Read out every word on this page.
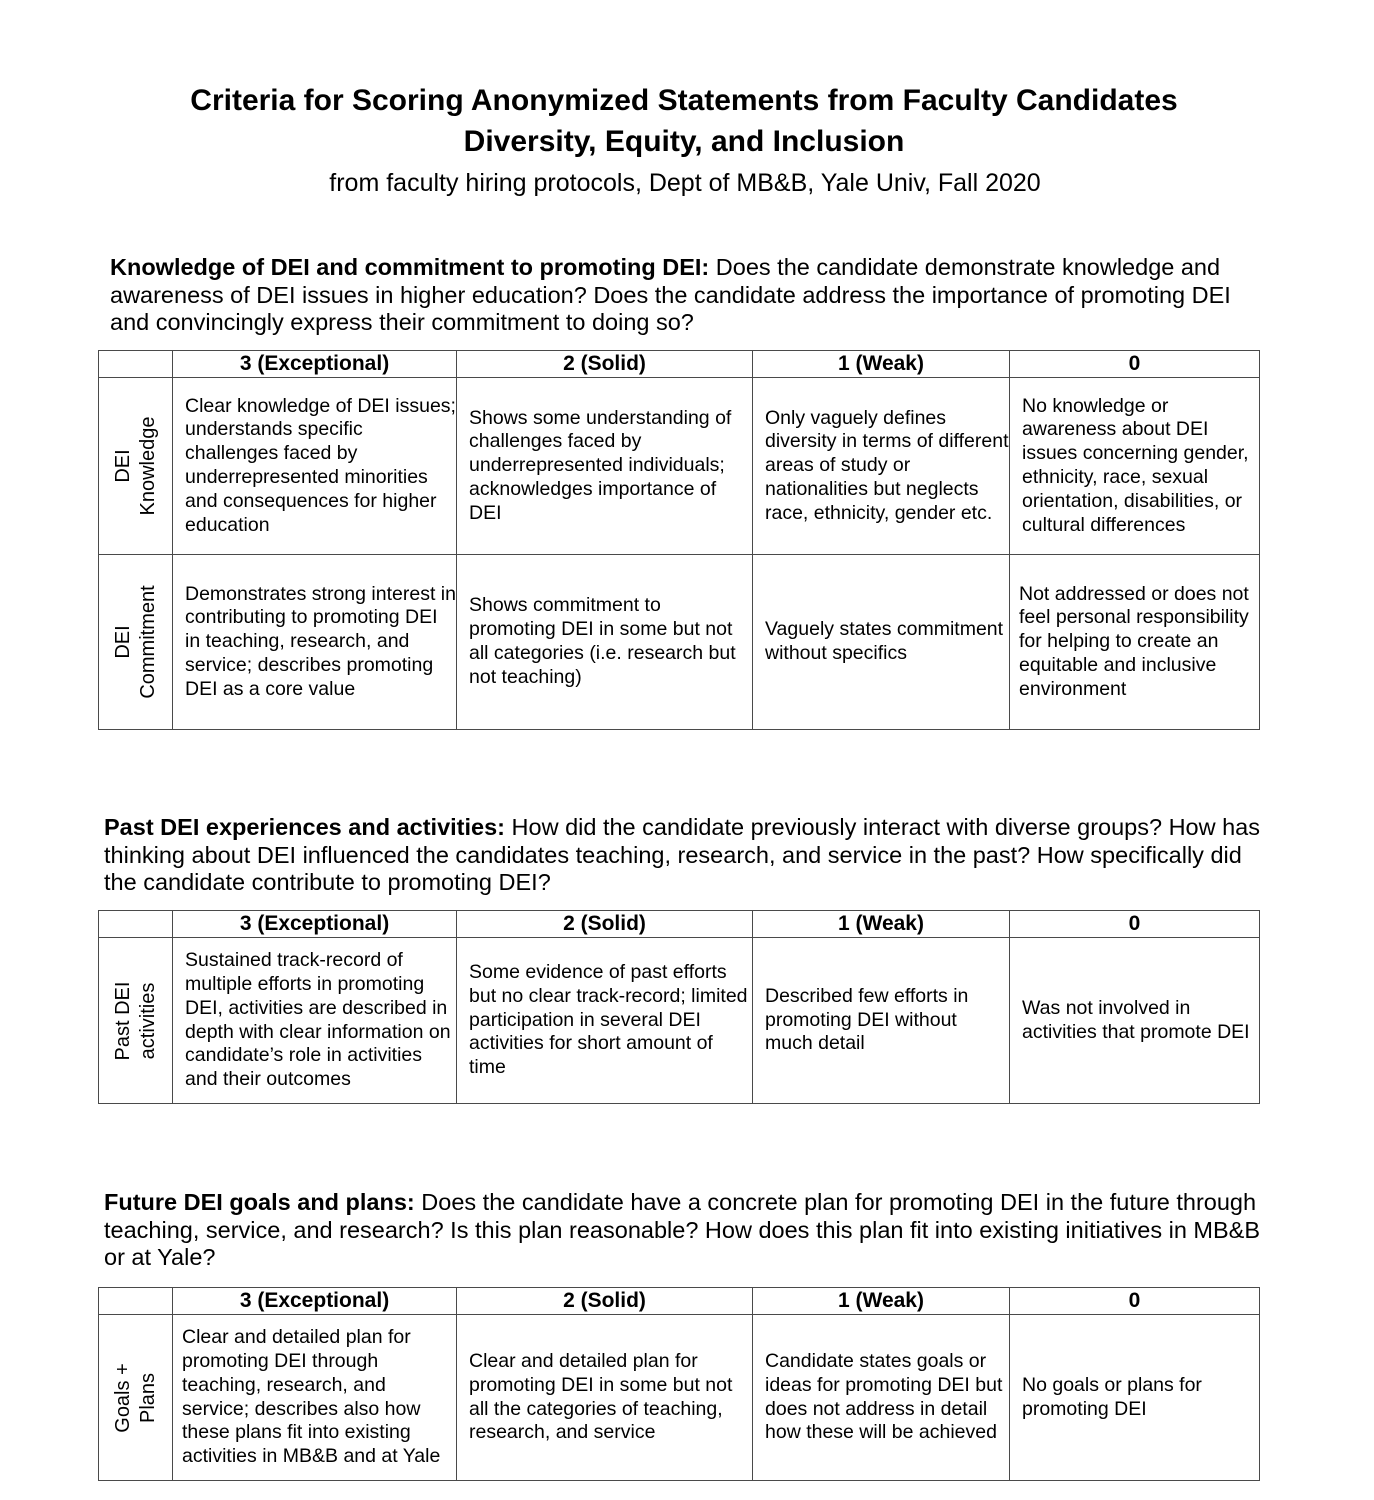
Criteria for Scoring Anonymized Statements from Faculty Candidates
Diversity, Equity, and Inclusion
from faculty hiring protocols, Dept of MB&B, Yale Univ, Fall 2020
Knowledge of DEI and commitment to promoting DEI: Does the candidate demonstrate knowledge and awareness of DEI issues in higher education? Does the candidate address the importance of promoting DEI and convincingly express their commitment to doing so?
	3 (Exceptional)	2 (Solid)	1 (Weak)	0

DEI Knowledge	Clear knowledge of DEI issues; understands specific challenges faced by underrepresented minorities and consequences for higher education	Shows some understanding of challenges faced by underrepresented individuals; acknowledges importance of DEI	Only vaguely defines diversity in terms of different areas of study or nationalities but neglects race, ethnicity, gender etc.	No knowledge or awareness about DEI issues concerning gender, ethnicity, race, sexual orientation, disabilities, or cultural differences

DEI Commitment	Demonstrates strong interest in contributing to promoting DEI in teaching, research, and service; describes promoting DEI as a core value	Shows commitment to promoting DEI in some but not all categories (i.e. research but not teaching)	Vaguely states commitment without specifics	Not addressed or does not feel personal responsibility for helping to create an equitable and inclusive environment
Past DEI experiences and activities: How did the candidate previously interact with diverse groups? How has thinking about DEI influenced the candidates teaching, research, and service in the past? How specifically did the candidate contribute to promoting DEI?
	3 (Exceptional)	2 (Solid)	1 (Weak)	0

Past DEI activities	Sustained track-record of multiple efforts in promoting DEI, activities are described in depth with clear information on candidate’s role in activities and their outcomes	Some evidence of past efforts but no clear track-record; limited participation in several DEI activities for short amount of time	Described few efforts in promoting DEI without much detail	Was not involved in activities that promote DEI
Future DEI goals and plans: Does the candidate have a concrete plan for promoting DEI in the future through teaching, service, and research? Is this plan reasonable? How does this plan fit into existing initiatives in MB&B or at Yale?
	3 (Exceptional)	2 (Solid)	1 (Weak)	0

Goals + Plans	Clear and detailed plan for promoting DEI through teaching, research, and service; describes also how these plans fit into existing activities in MB&B and at Yale	Clear and detailed plan for promoting DEI in some but not all the categories of teaching, research, and service	Candidate states goals or ideas for promoting DEI but does not address in detail how these will be achieved	No goals or plans for promoting DEI
